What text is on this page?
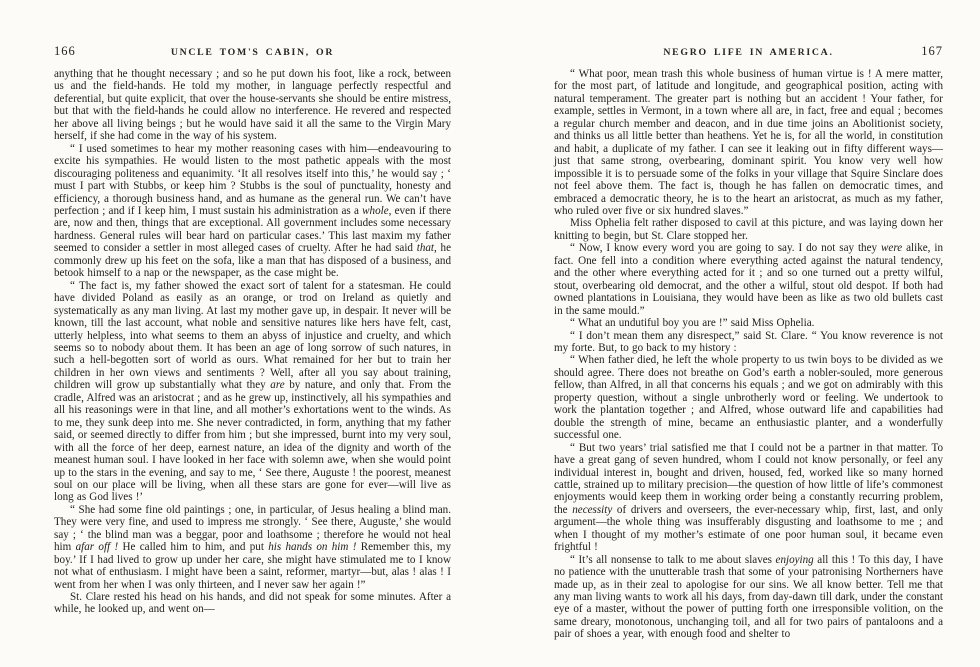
166	UNCLE TOM'S CABIN, OR

anything that he thought necessary ; and so he put down his foot, like a rock, between us and the field-hands. He told my mother, in language perfectly respectful and deferential, but quite explicit, that over the house-servants she should be entire mistress, but that with the field-hands he could allow no interference. He revered and respected her above all living beings ; but he would have said it all the same to the Virgin Mary herself, if she had come in the way of his system.

“ I used sometimes to hear my mother reasoning cases with him—endeavouring to excite his sympathies. He would listen to the most pathetic appeals with the most discouraging politeness and equanimity. ‘It all resolves itself into this,’ he would say ; ‘ must I part with Stubbs, or keep him ? Stubbs is the soul of punctuality, honesty and efficiency, a thorough business hand, and as humane as the general run. We can’t have perfection ; and if I keep him, I must sustain his administration as a whole, even if there are, now and then, things that are exceptional. All government includes some necessary hardness. General rules will bear hard on particular cases.’ This last maxim my father seemed to consider a settler in most alleged cases of cruelty. After he had said that, he commonly drew up his feet on the sofa, like a man that has disposed of a business, and betook himself to a nap or the newspaper, as the case might be.

“ The fact is, my father showed the exact sort of talent for a statesman. He could have divided Poland as easily as an orange, or trod on Ireland as quietly and systematically as any man living. At last my mother gave up, in despair. It never will be known, till the last account, what noble and sensitive natures like hers have felt, cast, utterly helpless, into what seems to them an abyss of injustice and cruelty, and which seems so to nobody about them. It has been an age of long sorrow of such natures, in such a hell-begotten sort of world as ours. What remained for her but to train her children in her own views and sentiments ? Well, after all you say about training, children will grow up substantially what they are by nature, and only that. From the cradle, Alfred was an aristocrat ; and as he grew up, instinctively, all his sympathies and all his reasonings were in that line, and all mother’s exhortations went to the winds. As to me, they sunk deep into me. She never contradicted, in form, anything that my father said, or seemed directly to differ from him ; but she impressed, burnt into my very soul, with all the force of her deep, earnest nature, an idea of the dignity and worth of the meanest human soul. I have looked in her face with solemn awe, when she would point up to the stars in the evening, and say to me, ‘ See there, Auguste ! the poorest, meanest soul on our place will be living, when all these stars are gone for ever—will live as long as God lives !’

“ She had some fine old paintings ; one, in particular, of Jesus healing a blind man. They were very fine, and used to impress me strongly. ‘ See there, Auguste,’ she would say ; ‘ the blind man was a beggar, poor and loathsome ; therefore he would not heal him afar off ! He called him to him, and put his hands on him ! Remember this, my boy.’ If I had lived to grow up under her care, she might have stimulated me to I know not what of enthusiasm. I might have been a saint, reformer, martyr—but, alas ! alas ! I went from her when I was only thirteen, and I never saw her again !”

St. Clare rested his head on his hands, and did not speak for some minutes. After a while, he looked up, and went on—

NEGRO LIFE IN AMERICA.	167

“ What poor, mean trash this whole business of human virtue is ! A mere matter, for the most part, of latitude and longitude, and geographical position, acting with natural temperament. The greater part is nothing but an accident ! Your father, for example, settles in Vermont, in a town where all are, in fact, free and equal ; becomes a regular church member and deacon, and in due time joins an Abolitionist society, and thinks us all little better than heathens. Yet he is, for all the world, in constitution and habit, a duplicate of my father. I can see it leaking out in fifty different ways—just that same strong, overbearing, dominant spirit. You know very well how impossible it is to persuade some of the folks in your village that Squire Sinclare does not feel above them. The fact is, though he has fallen on democratic times, and embraced a democratic theory, he is to the heart an aristocrat, as much as my father, who ruled over five or six hundred slaves.”

Miss Ophelia felt rather disposed to cavil at this picture, and was laying down her knitting to begin, but St. Clare stopped her.

“ Now, I know every word you are going to say. I do not say they were alike, in fact. One fell into a condition where everything acted against the natural tendency, and the other where everything acted for it ; and so one turned out a pretty wilful, stout, overbearing old democrat, and the other a wilful, stout old despot. If both had owned plantations in Louisiana, they would have been as like as two old bullets cast in the same mould.”

“ What an undutiful boy you are !” said Miss Ophelia.

“ I don’t mean them any disrespect,” said St. Clare. “ You know reverence is not my forte. But, to go back to my history :

“ When father died, he left the whole property to us twin boys to be divided as we should agree. There does not breathe on God’s earth a nobler-souled, more generous fellow, than Alfred, in all that concerns his equals ; and we got on admirably with this property question, without a single unbrotherly word or feeling. We undertook to work the plantation together ; and Alfred, whose outward life and capabilities had double the strength of mine, became an enthusiastic planter, and a wonderfully successful one.

“ But two years’ trial satisfied me that I could not be a partner in that matter. To have a great gang of seven hundred, whom I could not know personally, or feel any individual interest in, bought and driven, housed, fed, worked like so many horned cattle, strained up to military precision—the question of how little of life’s commonest enjoyments would keep them in working order being a constantly recurring problem, the necessity of drivers and overseers, the ever-necessary whip, first, last, and only argument—the whole thing was insufferably disgusting and loathsome to me ; and when I thought of my mother’s estimate of one poor human soul, it became even frightful !

“ It’s all nonsense to talk to me about slaves enjoying all this ! To this day, I have no patience with the unutterable trash that some of your patronising Northerners have made up, as in their zeal to apologise for our sins. We all know better. Tell me that any man living wants to work all his days, from day-dawn till dark, under the constant eye of a master, without the power of putting forth one irresponsible volition, on the same dreary, monotonous, unchanging toil, and all for two pairs of pantaloons and a pair of shoes a year, with enough food and shelter to
